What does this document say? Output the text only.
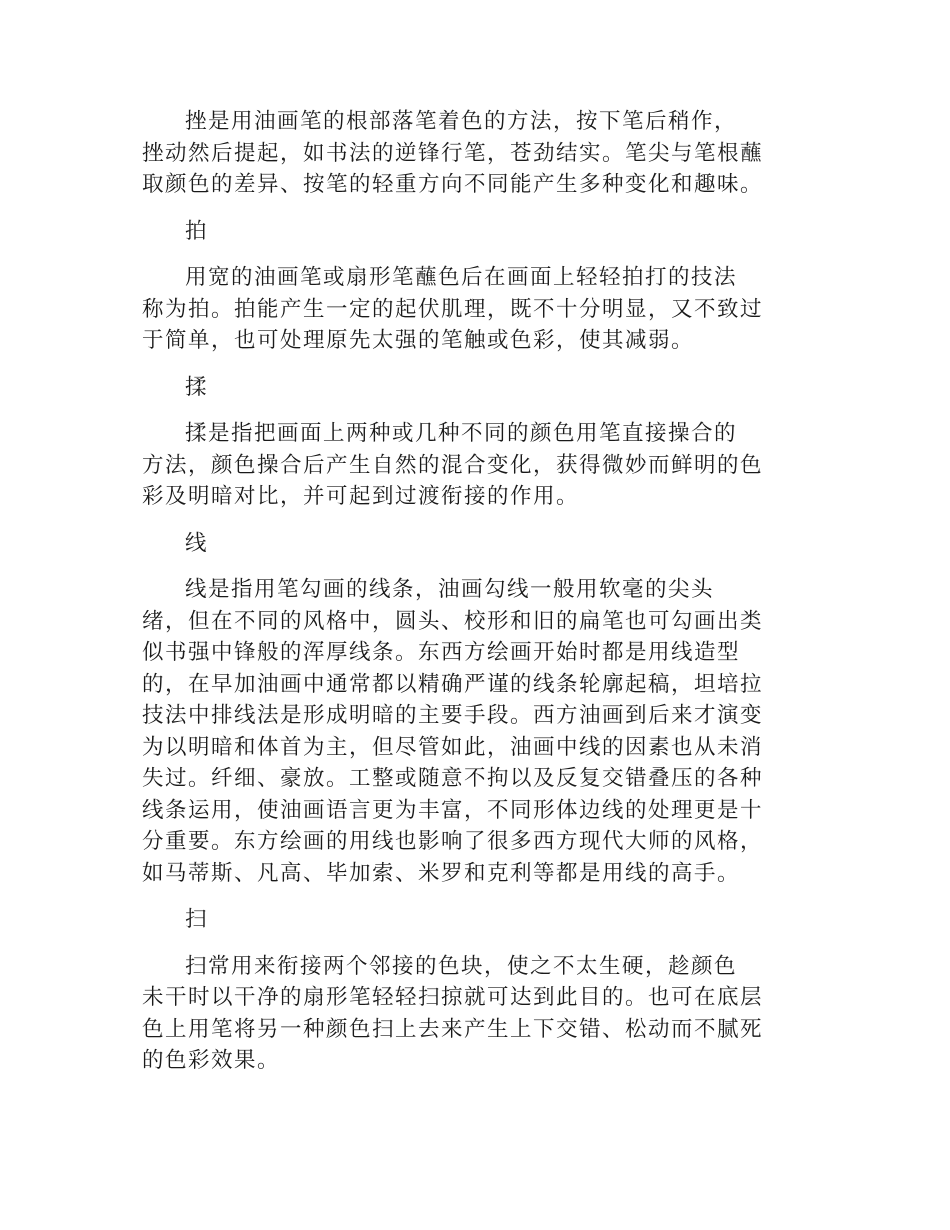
挫是用油画笔的根部落笔着色的方法，按下笔后稍作，
挫动然后提起，如书法的逆锋行笔，苍劲结实。笔尖与笔根蘸
取颜色的差异、按笔的轻重方向不同能产生多种变化和趣味。
拍
用宽的油画笔或扇形笔蘸色后在画面上轻轻拍打的技法
称为拍。拍能产生一定的起伏肌理，既不十分明显，又不致过
于简单，也可处理原先太强的笔触或色彩，使其减弱。
揉
揉是指把画面上两种或几种不同的颜色用笔直接操合的
方法，颜色操合后产生自然的混合变化，获得微妙而鲜明的色
彩及明暗对比，并可起到过渡衔接的作用。
线
线是指用笔勾画的线条，油画勾线一般用软毫的尖头
绪，但在不同的风格中，圆头、校形和旧的扁笔也可勾画出类
似书强中锋般的浑厚线条。东西方绘画开始时都是用线造型
的，在早加油画中通常都以精确严谨的线条轮廓起稿，坦培拉
技法中排线法是形成明暗的主要手段。西方油画到后来才演变
为以明暗和体首为主，但尽管如此，油画中线的因素也从未消
失过。纤细、豪放。工整或随意不拘以及反复交错叠压的各种
线条运用，使油画语言更为丰富，不同形体边线的处理更是十
分重要。东方绘画的用线也影响了很多西方现代大师的风格，
如马蒂斯、凡高、毕加索、米罗和克利等都是用线的高手。
扫
扫常用来衔接两个邻接的色块，使之不太生硬，趁颜色
未干时以干净的扇形笔轻轻扫掠就可达到此目的。也可在底层
色上用笔将另一种颜色扫上去来产生上下交错、松动而不腻死
的色彩效果。
